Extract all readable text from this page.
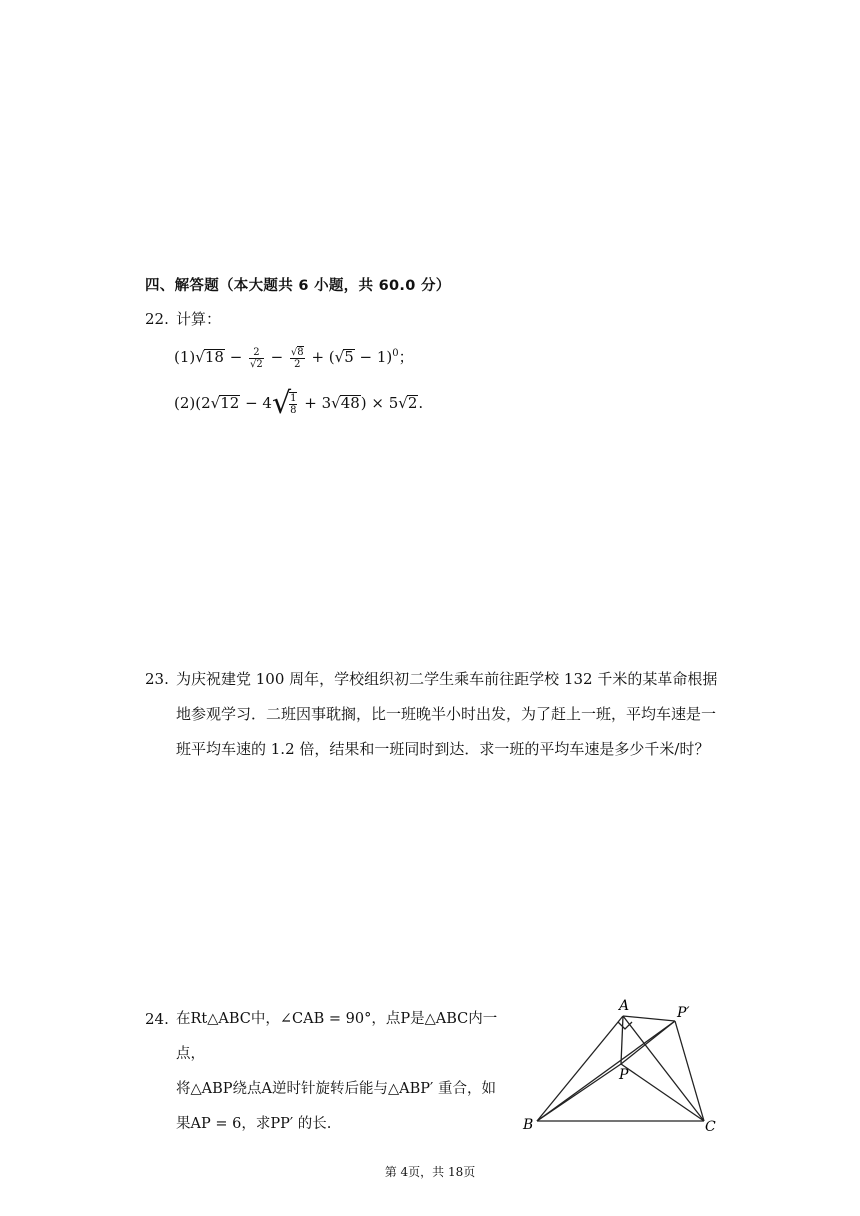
四、解答题（本大题共 6 小题，共 60.0 分）
22. 计算：
$(1)√18 - \frac{2}{√2} - \frac{√8}{2} + (√5 - 1)^0$；
(2)(2√12 − 4√
$\frac{1}{8} + 3√48) \times 5√2$.
23. 为庆祝建党 100 周年，学校组织初二学生乘车前往距学校 132 千米的某革命根据
地参观学习．二班因事耽搁，比一班晚半小时出发，为了赶上一班，平均车速是一
班平均车速的 1.2 倍，结果和一班同时到达．求一班的平均车速是多少千米/时？
24. 在Rt△ABC中，∠CAB = 90°，点P是△ABC内一点，
将△ABP绕点A逆时针旋转后能与△ABP′ 重合，如
果AP = 6，求PP′ 的长.
A	P′
P
B	C
第 4页，共 18页
